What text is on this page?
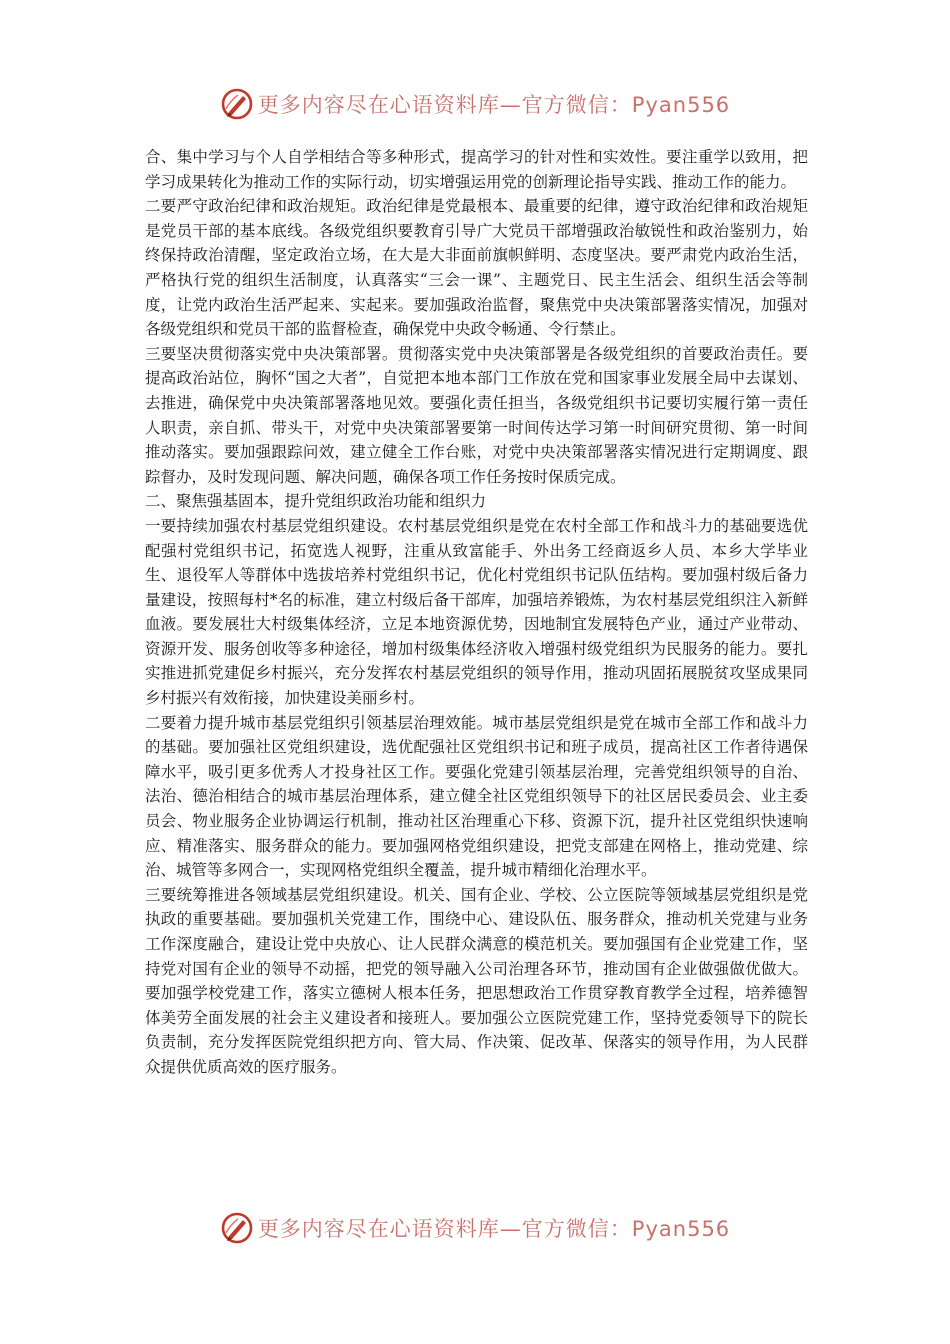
更多内容尽在心语资料库—官方微信：Pyan556

合、集中学习与个人自学相结合等多种形式，提高学习的针对性和实效性。要注重学以致用，把学习成果转化为推动工作的实际行动，切实增强运用党的创新理论指导实践、推动工作的能力。

二要严守政治纪律和政治规矩。政治纪律是党最根本、最重要的纪律，遵守政治纪律和政治规矩是党员干部的基本底线。各级党组织要教育引导广大党员干部增强政治敏锐性和政治鉴别力，始终保持政治清醒，坚定政治立场，在大是大非面前旗帜鲜明、态度坚决。要严肃党内政治生活，严格执行党的组织生活制度，认真落实“三会一课”、主题党日、民主生活会、组织生活会等制度，让党内政治生活严起来、实起来。要加强政治监督，聚焦党中央决策部署落实情况，加强对各级党组织和党员干部的监督检查，确保党中央政令畅通、令行禁止。

三要坚决贯彻落实党中央决策部署。贯彻落实党中央决策部署是各级党组织的首要政治责任。要提高政治站位，胸怀“国之大者”，自觉把本地本部门工作放在党和国家事业发展全局中去谋划、去推进，确保党中央决策部署落地见效。要强化责任担当，各级党组织书记要切实履行第一责任人职责，亲自抓、带头干，对党中央决策部署要第一时间传达学习第一时间研究贯彻、第一时间推动落实。要加强跟踪问效，建立健全工作台账，对党中央决策部署落实情况进行定期调度、跟踪督办，及时发现问题、解决问题，确保各项工作任务按时保质完成。

二、聚焦强基固本，提升党组织政治功能和组织力

一要持续加强农村基层党组织建设。农村基层党组织是党在农村全部工作和战斗力的基础要选优配强村党组织书记，拓宽选人视野，注重从致富能手、外出务工经商返乡人员、本乡大学毕业生、退役军人等群体中选拔培养村党组织书记，优化村党组织书记队伍结构。要加强村级后备力量建设，按照每村*名的标准，建立村级后备干部库，加强培养锻炼，为农村基层党组织注入新鲜血液。要发展壮大村级集体经济，立足本地资源优势，因地制宜发展特色产业，通过产业带动、资源开发、服务创收等多种途径，增加村级集体经济收入增强村级党组织为民服务的能力。要扎实推进抓党建促乡村振兴，充分发挥农村基层党组织的领导作用，推动巩固拓展脱贫攻坚成果同乡村振兴有效衔接，加快建设美丽乡村。

二要着力提升城市基层党组织引领基层治理效能。城市基层党组织是党在城市全部工作和战斗力的基础。要加强社区党组织建设，选优配强社区党组织书记和班子成员，提高社区工作者待遇保障水平，吸引更多优秀人才投身社区工作。要强化党建引领基层治理，完善党组织领导的自治、法治、德治相结合的城市基层治理体系，建立健全社区党组织领导下的社区居民委员会、业主委员会、物业服务企业协调运行机制，推动社区治理重心下移、资源下沉，提升社区党组织快速响应、精准落实、服务群众的能力。要加强网格党组织建设，把党支部建在网格上，推动党建、综治、城管等多网合一，实现网格党组织全覆盖，提升城市精细化治理水平。

三要统筹推进各领域基层党组织建设。机关、国有企业、学校、公立医院等领域基层党组织是党执政的重要基础。要加强机关党建工作，围绕中心、建设队伍、服务群众，推动机关党建与业务工作深度融合，建设让党中央放心、让人民群众满意的模范机关。要加强国有企业党建工作，坚持党对国有企业的领导不动摇，把党的领导融入公司治理各环节，推动国有企业做强做优做大。要加强学校党建工作，落实立德树人根本任务，把思想政治工作贯穿教育教学全过程，培养德智体美劳全面发展的社会主义建设者和接班人。要加强公立医院党建工作，坚持党委领导下的院长负责制，充分发挥医院党组织把方向、管大局、作决策、促改革、保落实的领导作用，为人民群众提供优质高效的医疗服务。

更多内容尽在心语资料库—官方微信：Pyan556
